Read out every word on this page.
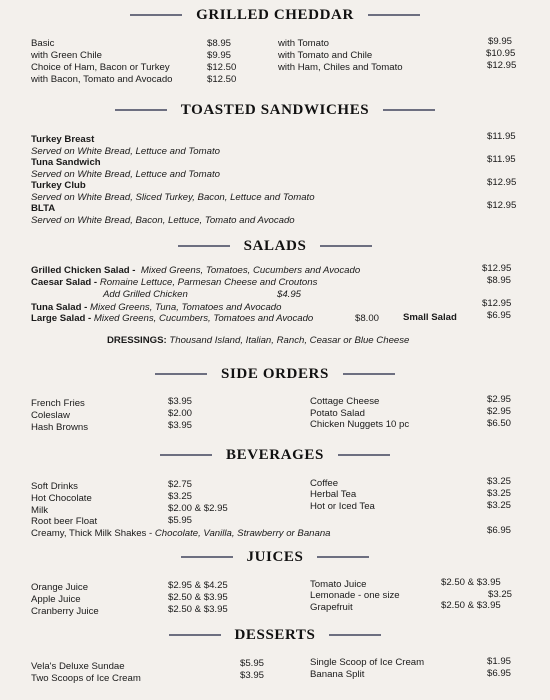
GRILLED CHEDDAR
Basic	$8.95
with Green Chile	$9.95
Choice of Ham, Bacon or Turkey	$12.50
with Bacon, Tomato and Avocado	$12.50
with Tomato	$9.95
with Tomato and Chile	$10.95
with Ham, Chiles and Tomato	$12.95
TOASTED SANDWICHES
Turkey Breast
Served on White Bread, Lettuce and Tomato
$11.95
Tuna Sandwich
Served on White Bread, Lettuce and Tomato
$11.95
Turkey Club
Served on White Bread, Sliced Turkey, Bacon, Lettuce and Tomato
$12.95
BLTA
Served on White Bread, Bacon, Lettuce, Tomato and Avocado
$12.95
SALADS
Grilled Chicken Salad - Mixed Greens, Tomatoes, Cucumbers and Avocado	$12.95
Caesar Salad - Romaine Lettuce, Parmesan Cheese and Croutons	$8.95
Add Grilled Chicken	$4.95
Tuna Salad - Mixed Greens, Tuna, Tomatoes and Avocado	$12.95
Large Salad - Mixed Greens, Cucumbers, Tomatoes and Avocado	$8.00 Small Salad	$6.95
DRESSINGS: Thousand Island, Italian, Ranch, Ceasar or Blue Cheese
SIDE ORDERS
French Fries	$3.95
Coleslaw	$2.00
Hash Browns	$3.95
Cottage Cheese	$2.95
Potato Salad	$2.95
Chicken Nuggets 10 pc	$6.50
BEVERAGES
Soft Drinks	$2.75
Hot Chocolate	$3.25
Milk	$2.00 & $2.95
Root beer Float	$5.95
Coffee	$3.25
Herbal Tea	$3.25
Hot or Iced Tea	$3.25
Creamy, Thick Milk Shakes - Chocolate, Vanilla, Strawberry or Banana	$6.95
JUICES
Orange Juice	$2.95 & $4.25
Apple Juice	$2.50 & $3.95
Cranberry Juice	$2.50 & $3.95
Tomato Juice	$2.50 & $3.95
Lemonade - one size	$3.25
Grapefruit	$2.50 & $3.95
DESSERTS
Vela's Deluxe Sundae	$5.95
Two Scoops of Ice Cream	$3.95
Single Scoop of Ice Cream	$1.95
Banana Split	$6.95
